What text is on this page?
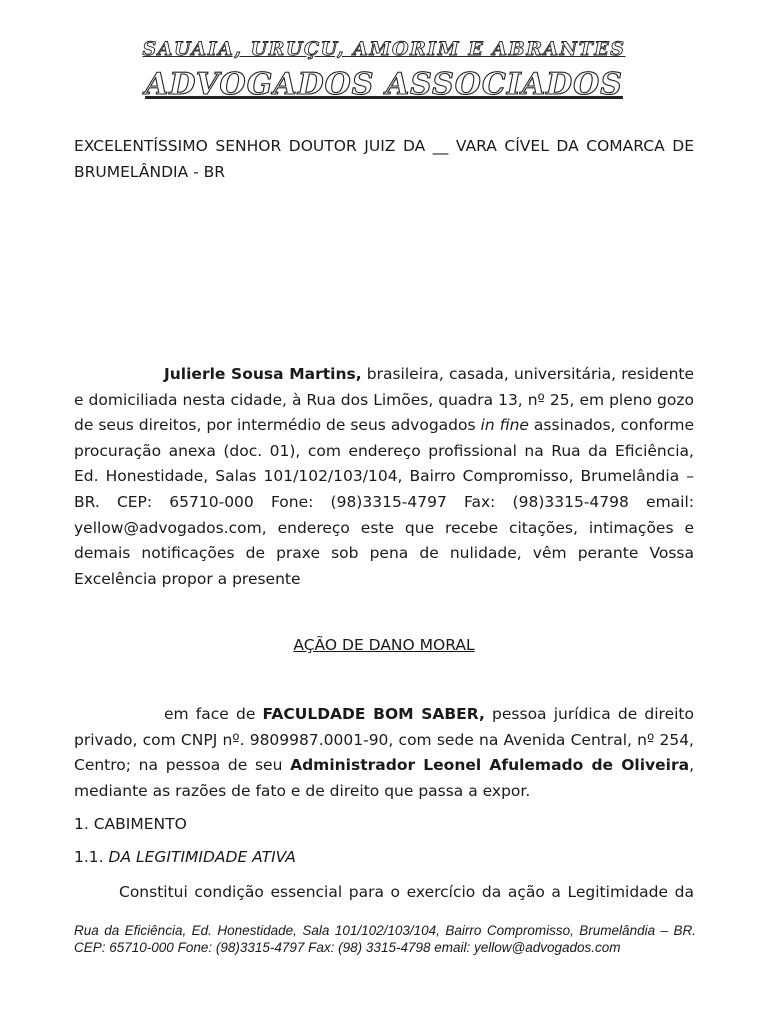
SAUAIA, URUÇU, AMORIM E ABRANTES
ADVOGADOS ASSOCIADOS
EXCELENTÍSSIMO SENHOR DOUTOR JUIZ DA __ VARA CÍVEL DA COMARCA DE BRUMELÂNDIA - BR
Julierle Sousa Martins, brasileira, casada, universitária, residente e domiciliada nesta cidade, à Rua dos Limões, quadra 13, nº 25, em pleno gozo de seus direitos, por intermédio de seus advogados in fine assinados, conforme procuração anexa (doc. 01), com endereço profissional na Rua da Eficiência, Ed. Honestidade, Salas 101/102/103/104, Bairro Compromisso, Brumelândia – BR. CEP: 65710-000 Fone: (98)3315-4797 Fax: (98)3315-4798 email: yellow@advogados.com, endereço este que recebe citações, intimações e demais notificações de praxe sob pena de nulidade, vêm perante Vossa Excelência propor a presente
AÇÃO DE DANO MORAL
em face de FACULDADE BOM SABER, pessoa jurídica de direito privado, com CNPJ nº. 9809987.0001-90, com sede na Avenida Central, nº 254, Centro; na pessoa de seu Administrador Leonel Afulemado de Oliveira, mediante as razões de fato e de direito que passa a expor.
1. CABIMENTO
1.1. DA LEGITIMIDADE ATIVA
Constitui condição essencial para o exercício da ação a Legitimidade da
Rua da Eficiência, Ed. Honestidade, Sala 101/102/103/104, Bairro Compromisso, Brumelândia – BR. CEP: 65710-000 Fone: (98)3315-4797 Fax: (98) 3315-4798 email: yellow@advogados.com
